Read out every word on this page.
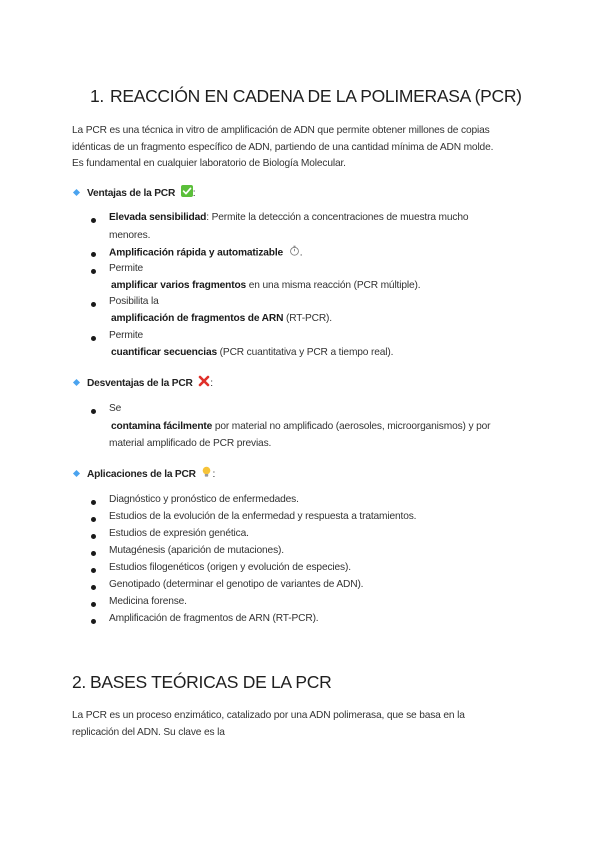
1. REACCIÓN EN CADENA DE LA POLIMERASA (PCR)
La PCR es una técnica in vitro de amplificación de ADN que permite obtener millones de copias
idénticas de un fragmento específico de ADN, partiendo de una cantidad mínima de ADN molde.
Es fundamental en cualquier laboratorio de Biología Molecular.
Ventajas de la PCR :
Elevada sensibilidad: Permite la detección a concentraciones de muestra mucho
menores.
Amplificación rápida y automatizable .
Permite
amplificar varios fragmentos en una misma reacción (PCR múltiple).
Posibilita la
amplificación de fragmentos de ARN (RT-PCR).
Permite
cuantificar secuencias (PCR cuantitativa y PCR a tiempo real).
Desventajas de la PCR :
Se
contamina fácilmente por material no amplificado (aerosoles, microorganismos) y por
material amplificado de PCR previas.
Aplicaciones de la PCR :
Diagnóstico y pronóstico de enfermedades.
Estudios de la evolución de la enfermedad y respuesta a tratamientos.
Estudios de expresión genética.
Mutagénesis (aparición de mutaciones).
Estudios filogenéticos (origen y evolución de especies).
Genotipado (determinar el genotipo de variantes de ADN).
Medicina forense.
Amplificación de fragmentos de ARN (RT-PCR).
2. BASES TEÓRICAS DE LA PCR
La PCR es un proceso enzimático, catalizado por una ADN polimerasa, que se basa en la
replicación del ADN. Su clave es la
